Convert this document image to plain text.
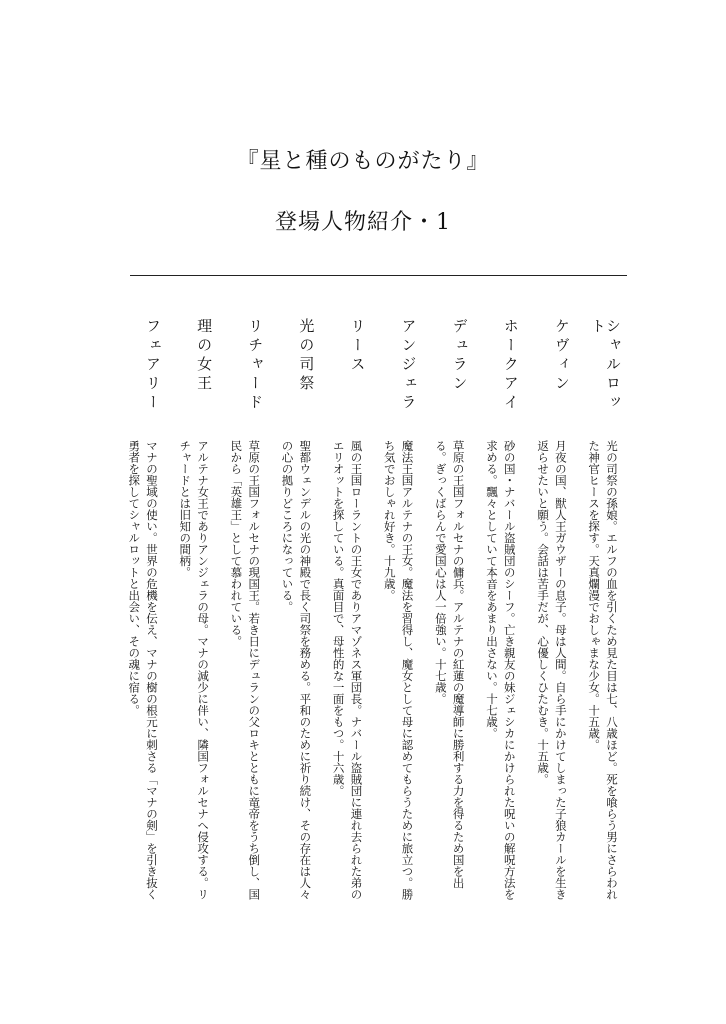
『星と種のものがたり』
登場人物紹介・1
シャルロット
光の司祭の孫娘。エルフの血を引くため見た目は七、八歳ほど。死を喰らう男にさらわれた神官ヒースを探す。天真爛漫でおしゃまな少女。十五歳。
ケヴィン
月夜の国、獣人王ガウザーの息子。母は人間。自ら手にかけてしまった子狼カールを生き返らせたいと願う。会話は苦手だが、心優しくひたむき。十五歳。
ホークアイ
砂の国・ナバール盗賊団のシーフ。亡き親友の妹ジェシカにかけられた呪いの解呪方法を求める。飄々としていて本音をあまり出さない。十七歳。
デュラン
草原の王国フォルセナの傭兵。アルテナの紅蓮の魔導師に勝利する力を得るため国を出る。ぎっくばらんで愛国心は人一倍強い。十七歳。
アンジェラ
魔法王国アルテナの王女。魔法を習得し、魔女として母に認めてもらうために旅立つ。勝ち気でおしゃれ好き。十九歳。
リース
風の王国ローラントの王女でありアマゾネス軍団長。ナバール盗賊団に連れ去られた弟のエリオットを探している。真面目で、母性的な一面をもつ。十六歳。
光の司祭
聖都ウェンデルの光の神殿で長く司祭を務める。平和のために祈り続け、その存在は人々の心の拠りどころになっている。
リチャード
草原の王国フォルセナの現国王。若き日にデュランの父ロキとともに竜帝をうち倒し、国民から「英雄王」として慕われている。
理の女王
アルテナ女王でありアンジェラの母。マナの減少に伴い、隣国フォルセナへ侵攻する。リチャードとは旧知の間柄。
フェアリー
マナの聖域の使い。世界の危機を伝え、マナの樹の根元に刺さる「マナの剣」を引き抜く勇者を探してシャルロットと出会い、その魂に宿る。
